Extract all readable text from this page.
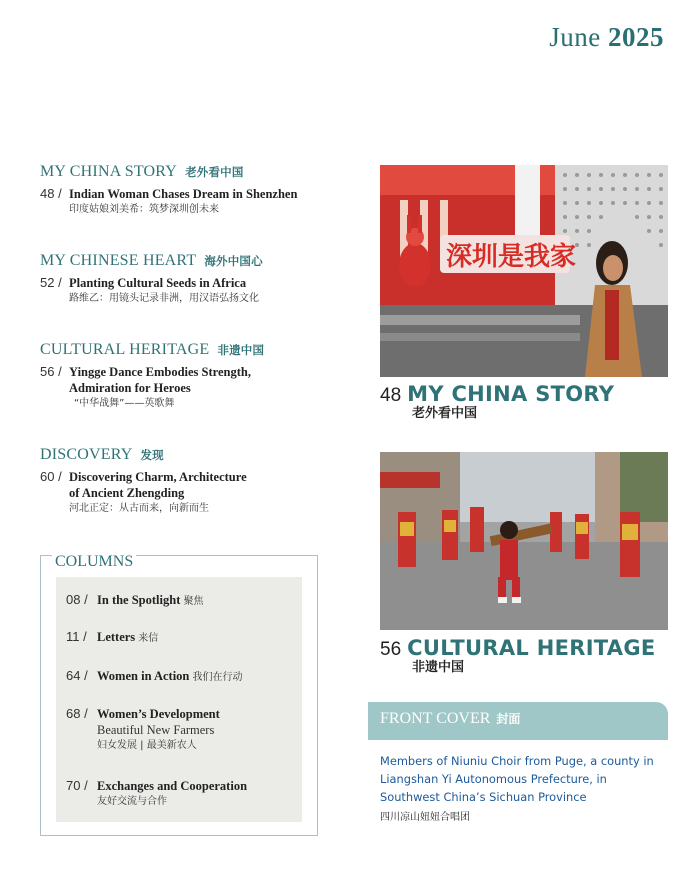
June 2025
MY CHINA STORY 老外看中国
48 / Indian Woman Chases Dream in Shenzhen
印度姑娘刘美希：筑梦深圳创未来
MY CHINESE HEART 海外中国心
52 / Planting Cultural Seeds in Africa
路维乙：用镜头记录非洲，用汉语弘扬文化
CULTURAL HERITAGE 非遗中国
56 / Yingge Dance Embodies Strength,
Admiration for Heroes
“中华战舞”——英歌舞
DISCOVERY 发现
60 / Discovering Charm, Architecture
of Ancient Zhengding
河北正定：从古而来，向新而生
COLUMNS
08 / In the Spotlight 聚焦
11 / Letters 来信
64 / Women in Action 我们在行动
68 / Women’s Development
Beautiful New Farmers
妇女发展 | 最美新农人
70 / Exchanges and Cooperation
友好交流与合作
深圳是我家
48 MY CHINA STORY
老外看中国
56 CULTURAL HERITAGE
非遗中国
FRONT COVER 封面
Members of Niuniu Choir from Puge, a county in Liangshan Yi Autonomous Prefecture, in Southwest China’s Sichuan Province
四川凉山妞妞合唱团
